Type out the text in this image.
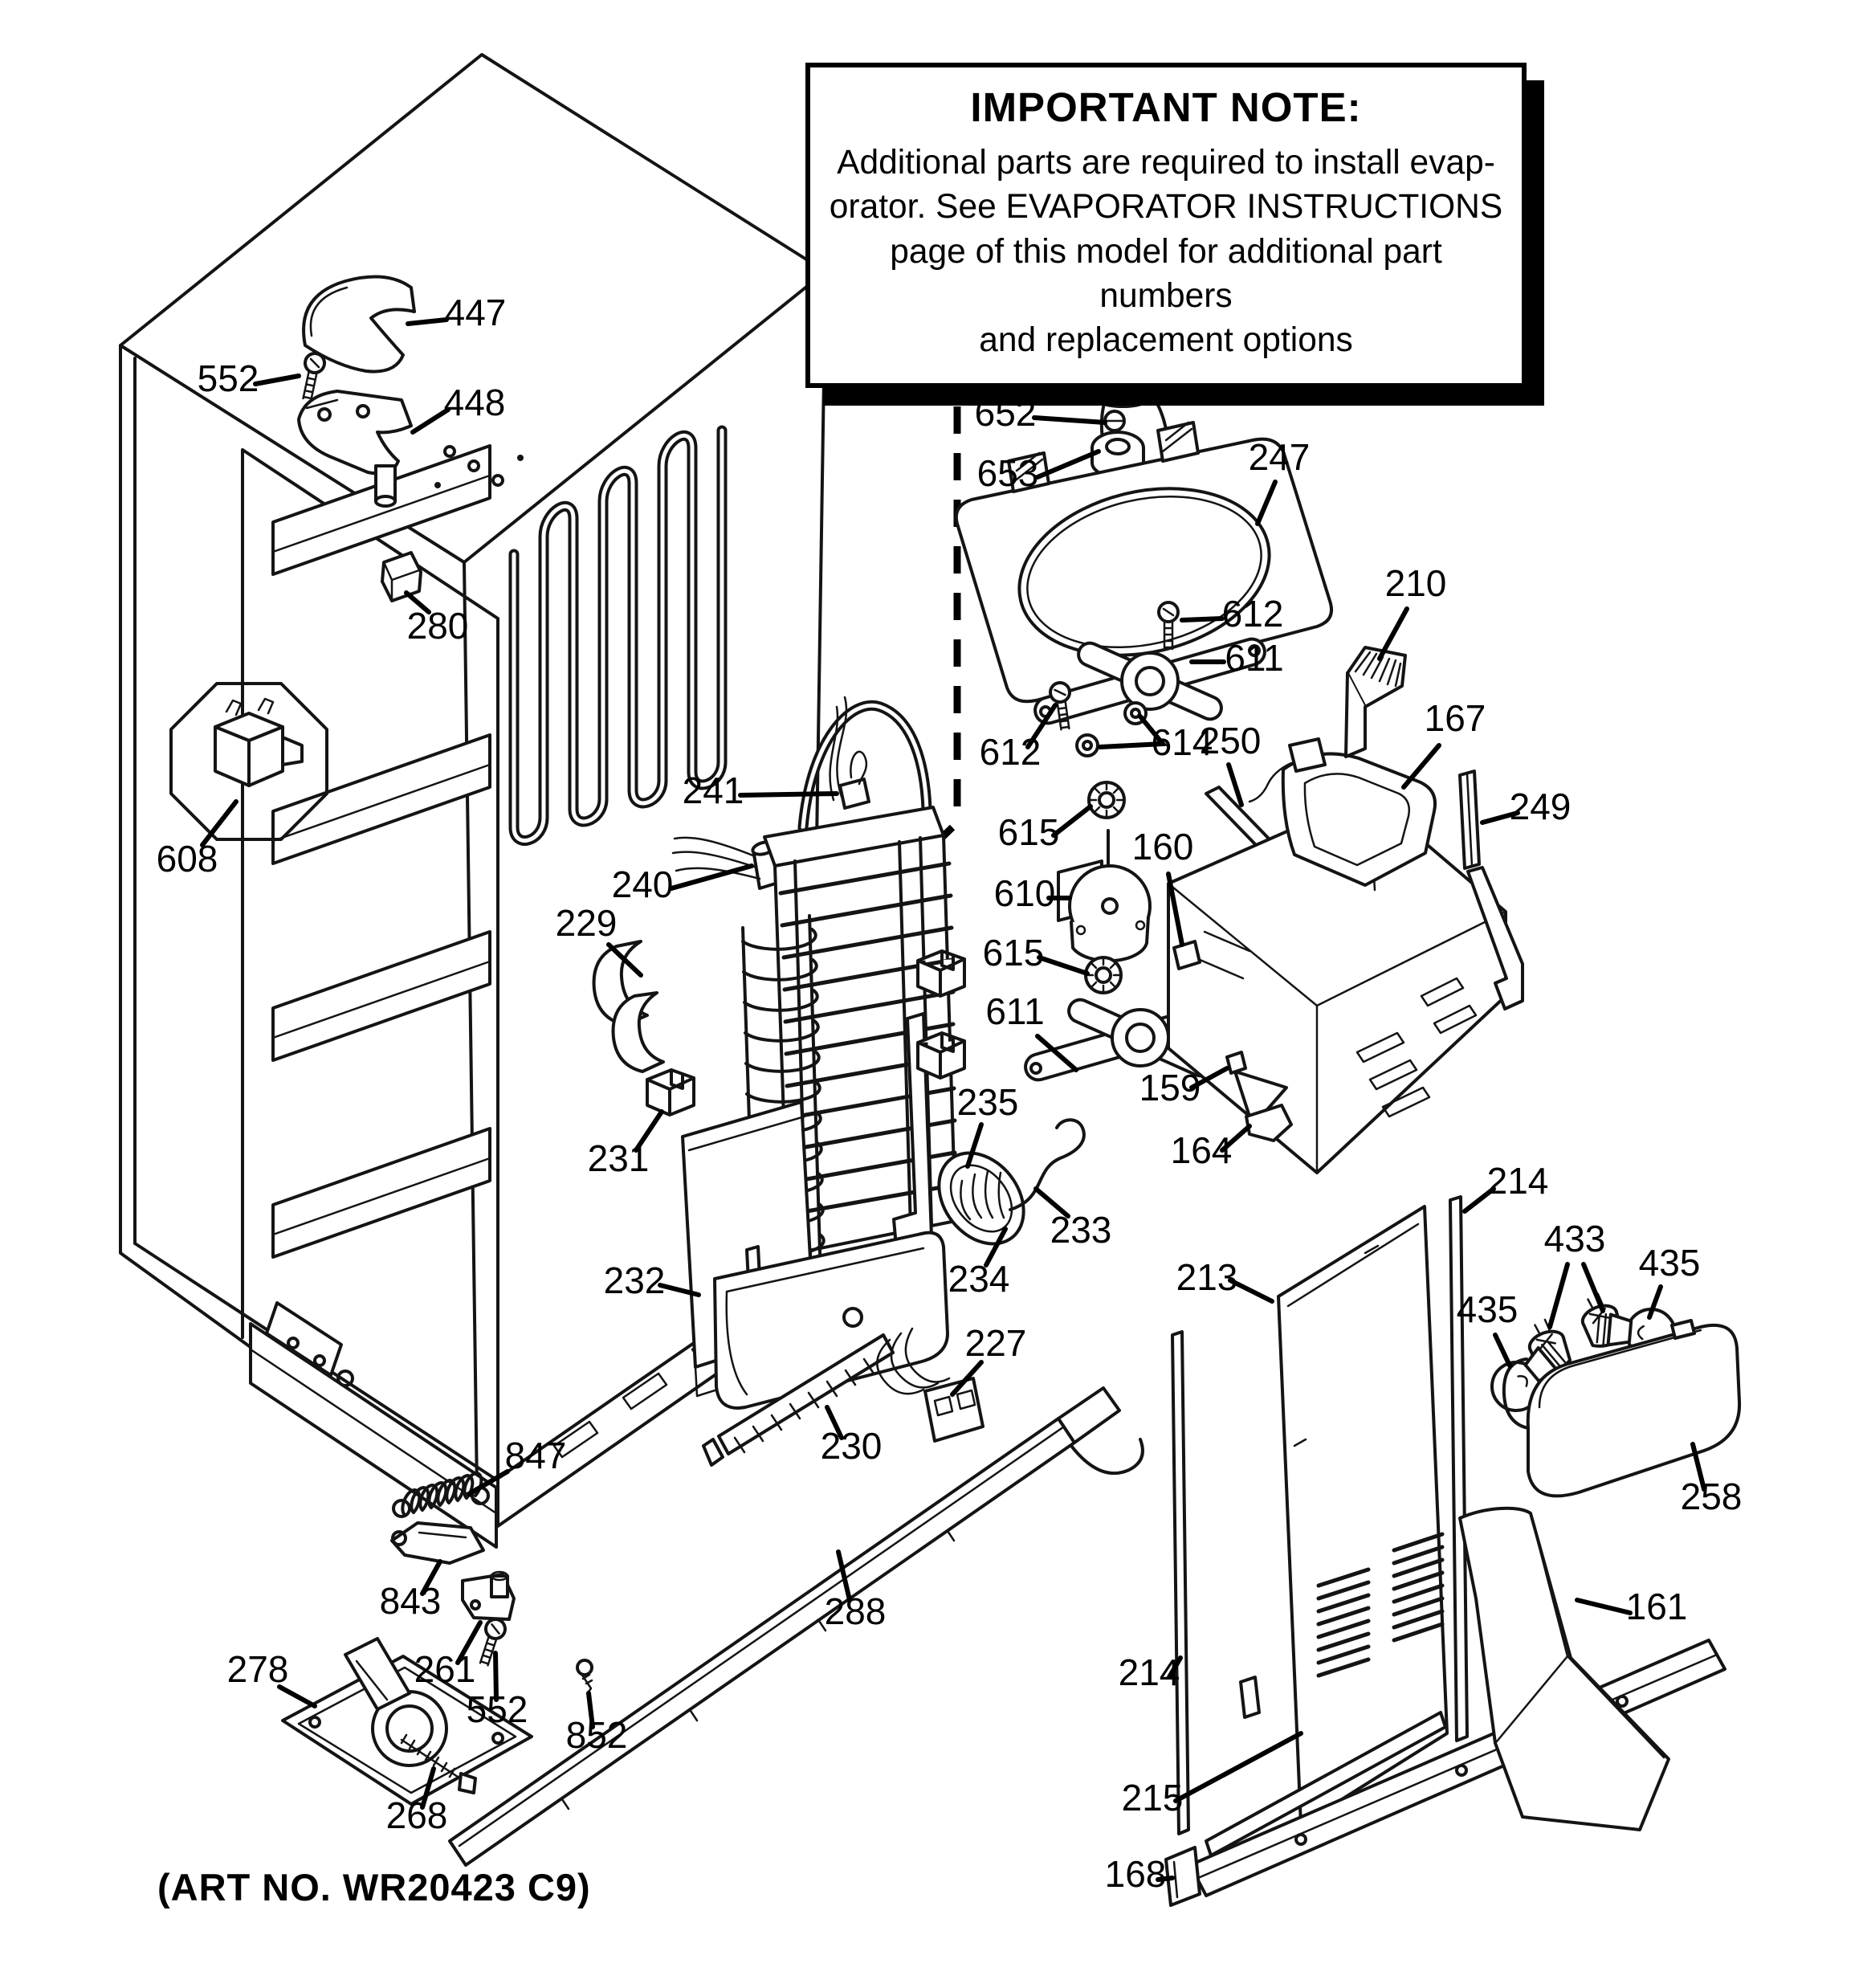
447
552
448
280
608
652
653	247
612
611
612	614
210
250
167
249
615 160
610
615
611
159
164
241
240
229
231
235
233
234
232
227
230
288
847
843
261
552
852
278
268
213
214
435
433
435
258
161
214
215
168
IMPORTANT NOTE:
Additional parts are required to install evap-
orator. See EVAPORATOR INSTRUCTIONS
page of this model for additional part numbers
and replacement options
(ART NO. WR20423 C9)
